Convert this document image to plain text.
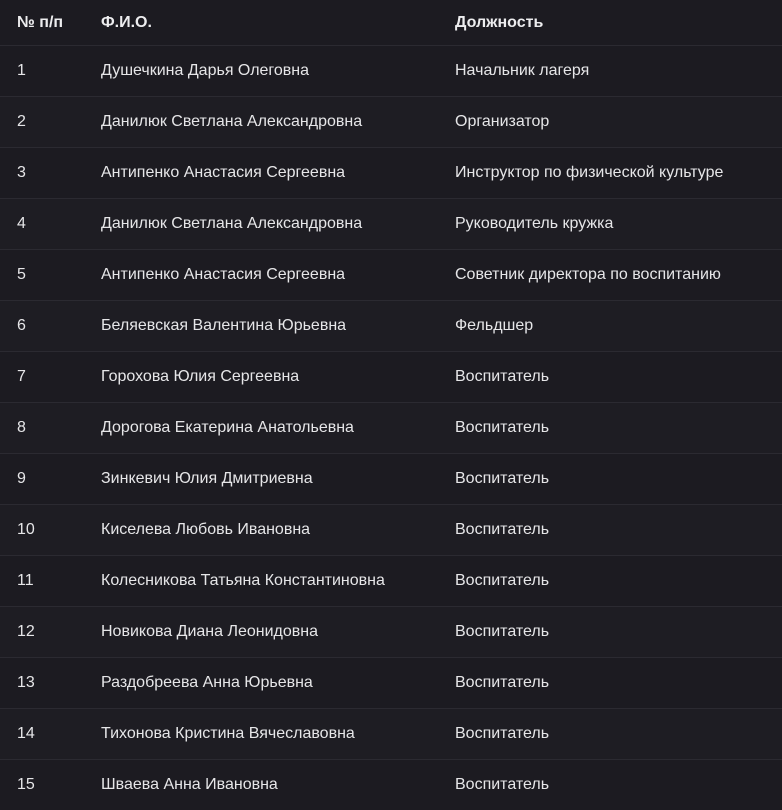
№ п/п	Ф.И.О.	Должность
1	Душечкина Дарья Олеговна	Начальник лагеря
2	Данилюк Светлана Александровна	Организатор
3	Антипенко Анастасия Сергеевна	Инструктор по физической культуре
4	Данилюк Светлана Александровна	Руководитель кружка
5	Антипенко Анастасия Сергеевна	Советник директора по воспитанию
6	Беляевская Валентина Юрьевна	Фельдшер
7	Горохова Юлия Сергеевна	Воспитатель
8	Дорогова Екатерина Анатольевна	Воспитатель
9	Зинкевич Юлия Дмитриевна	Воспитатель
10	Киселева Любовь Ивановна	Воспитатель
11	Колесникова Татьяна Константиновна	Воспитатель
12	Новикова Диана Леонидовна	Воспитатель
13	Раздобреева Анна Юрьевна	Воспитатель
14	Тихонова Кристина Вячеславовна	Воспитатель
15	Шваева Анна Ивановна	Воспитатель
